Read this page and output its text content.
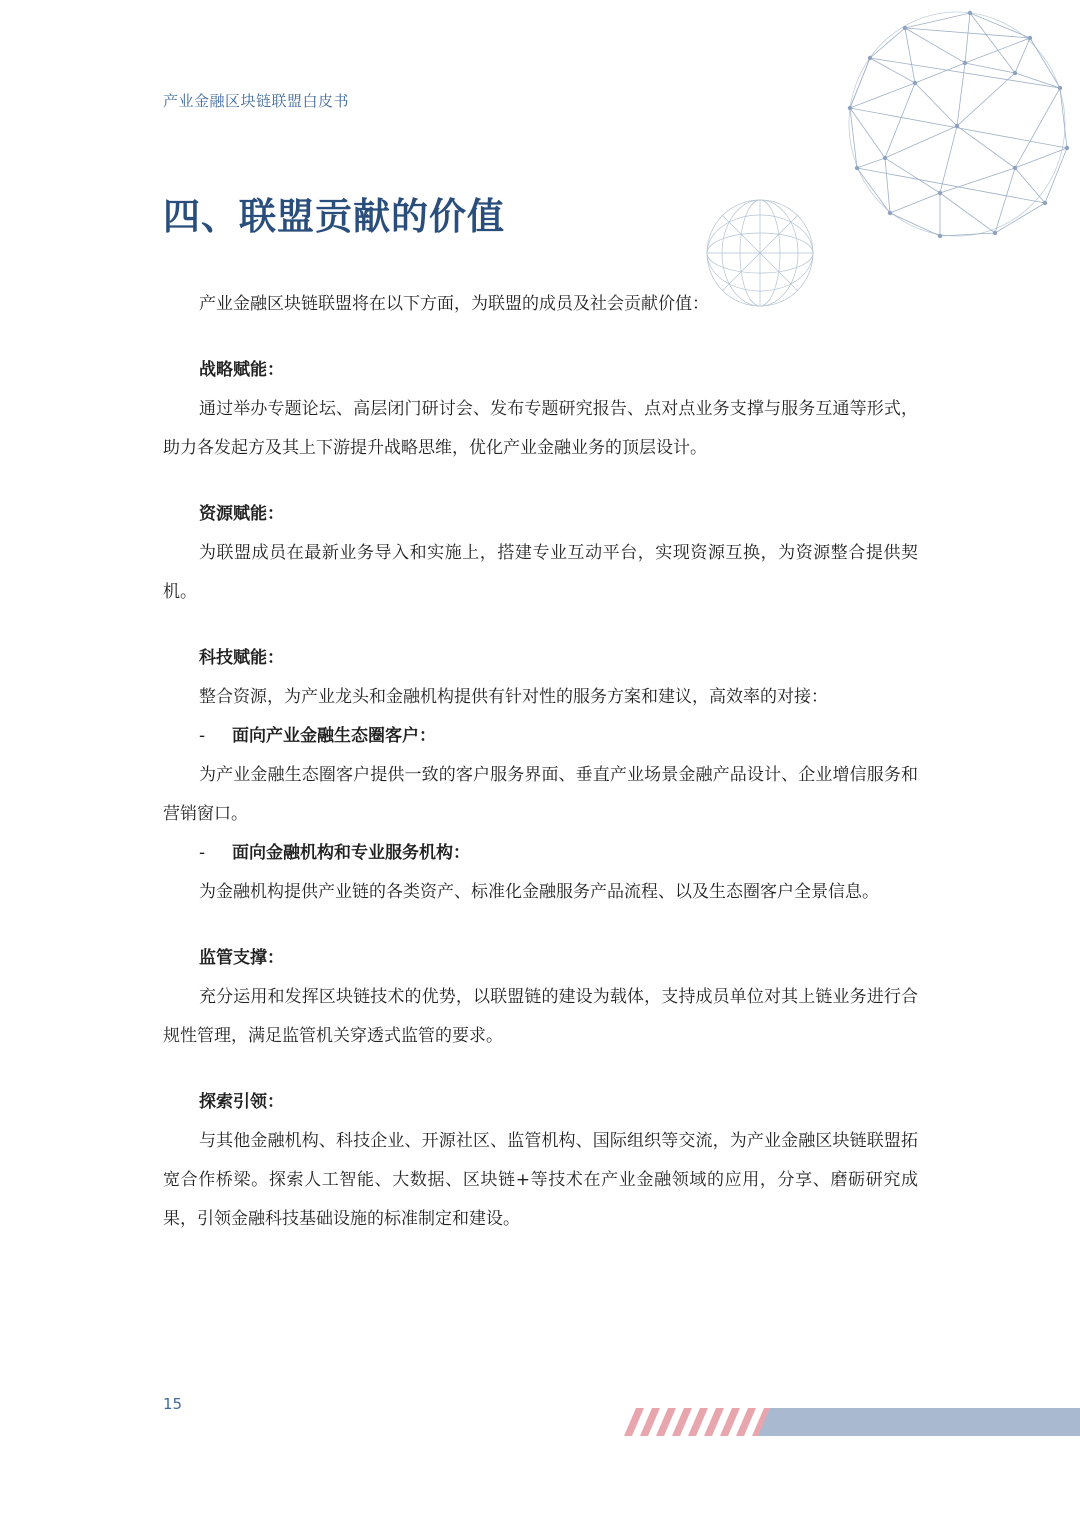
产业金融区块链联盟白皮书
四、联盟贡献的价值

产业金融区块链联盟将在以下方面，为联盟的成员及社会贡献价值：

战略赋能：

通过举办专题论坛、高层闭门研讨会、发布专题研究报告、点对点业务支撑与服务互通等形式，助力各发起方及其上下游提升战略思维，优化产业金融业务的顶层设计。

资源赋能：

为联盟成员在最新业务导入和实施上，搭建专业互动平台，实现资源互换，为资源整合提供契机。

科技赋能：

整合资源，为产业龙头和金融机构提供有针对性的服务方案和建议，高效率的对接：

-	面向产业金融生态圈客户：

为产业金融生态圈客户提供一致的客户服务界面、垂直产业场景金融产品设计、企业增信服务和营销窗口。

-	面向金融机构和专业服务机构：

为金融机构提供产业链的各类资产、标准化金融服务产品流程、以及生态圈客户全景信息。

监管支撑：

充分运用和发挥区块链技术的优势，以联盟链的建设为载体，支持成员单位对其上链业务进行合规性管理，满足监管机关穿透式监管的要求。

探索引领：

与其他金融机构、科技企业、开源社区、监管机构、国际组织等交流，为产业金融区块链联盟拓宽合作桥梁。探索人工智能、大数据、区块链+等技术在产业金融领域的应用，分享、磨砺研究成果，引领金融科技基础设施的标准制定和建设。

15
